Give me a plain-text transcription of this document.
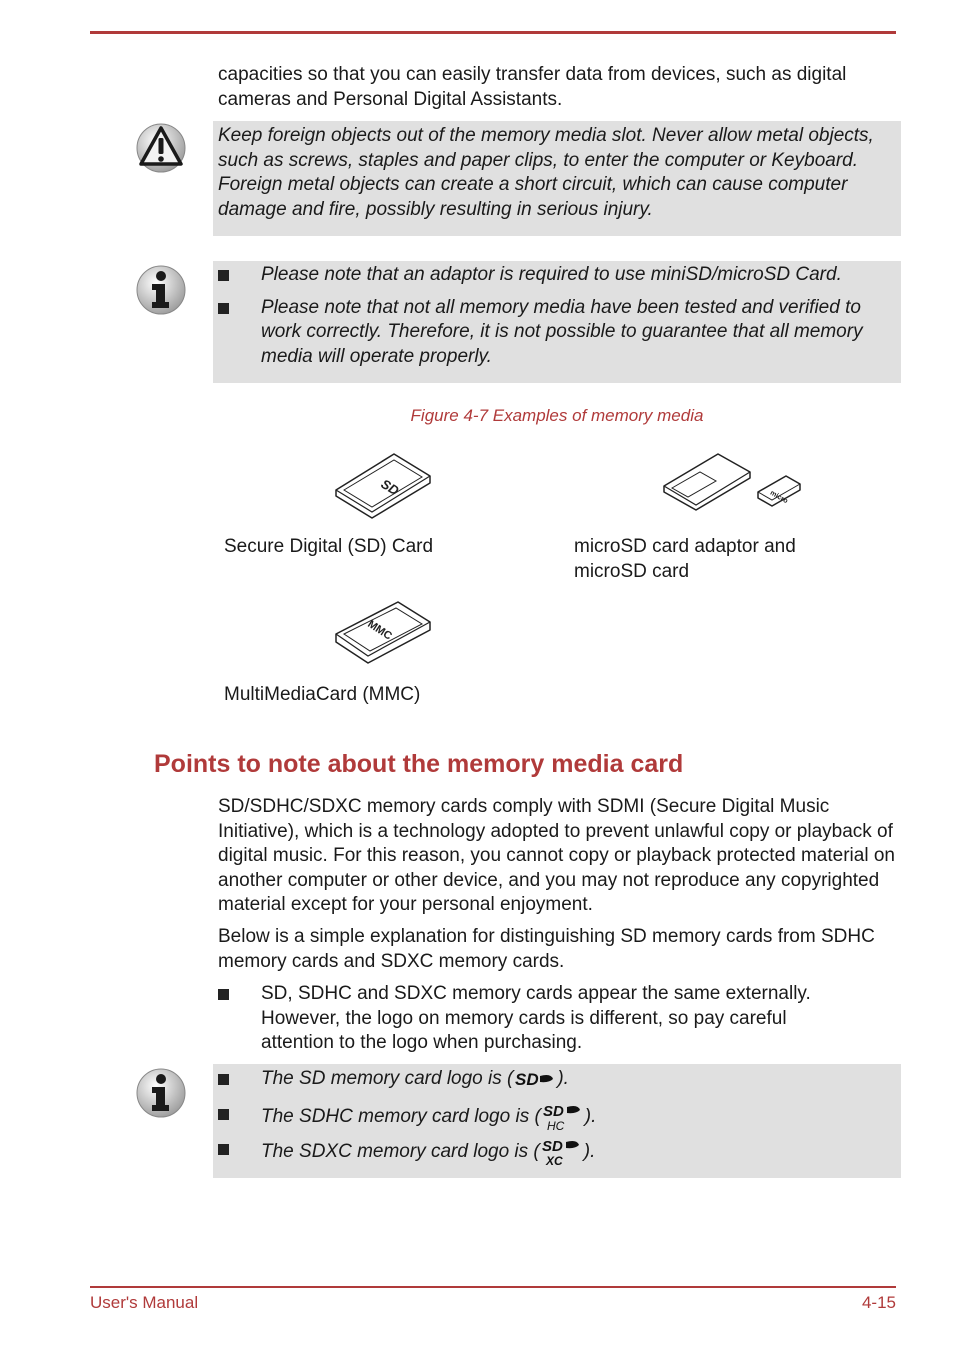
capacities so that you can easily transfer data from devices, such as digital cameras and Personal Digital Assistants.

Keep foreign objects out of the memory media slot. Never allow metal objects, such as screws, staples and paper clips, to enter the computer or Keyboard. Foreign metal objects can create a short circuit, which can cause computer damage and fire, possibly resulting in serious injury.

Please note that an adaptor is required to use miniSD/microSD Card.
Please note that not all memory media have been tested and verified to work correctly. Therefore, it is not possible to guarantee that all memory media will operate properly.
Figure 4-7 Examples of memory media
SD
Secure Digital (SD) Card
micro
microSD card adaptor and microSD card
MMC
MultiMediaCard (MMC)
Points to note about the memory media card

SD/SDHC/SDXC memory cards comply with SDMI (Secure Digital Music Initiative), which is a technology adopted to prevent unlawful copy or playback of digital music. For this reason, you cannot copy or playback protected material on another computer or other device, and you may not reproduce any copyrighted material except for your personal enjoyment.

Below is a simple explanation for distinguishing SD memory cards from SDHC memory cards and SDXC memory cards.

SD, SDHC and SDXC memory cards appear the same externally. However, the logo on memory cards is different, so pay careful attention to the logo when purchasing.
The SD memory card logo is ( SD ).
The SDHC memory card logo is ( SD
HC ).
The SDXC memory card logo is ( SD
XC ).
User's Manual	4-15
